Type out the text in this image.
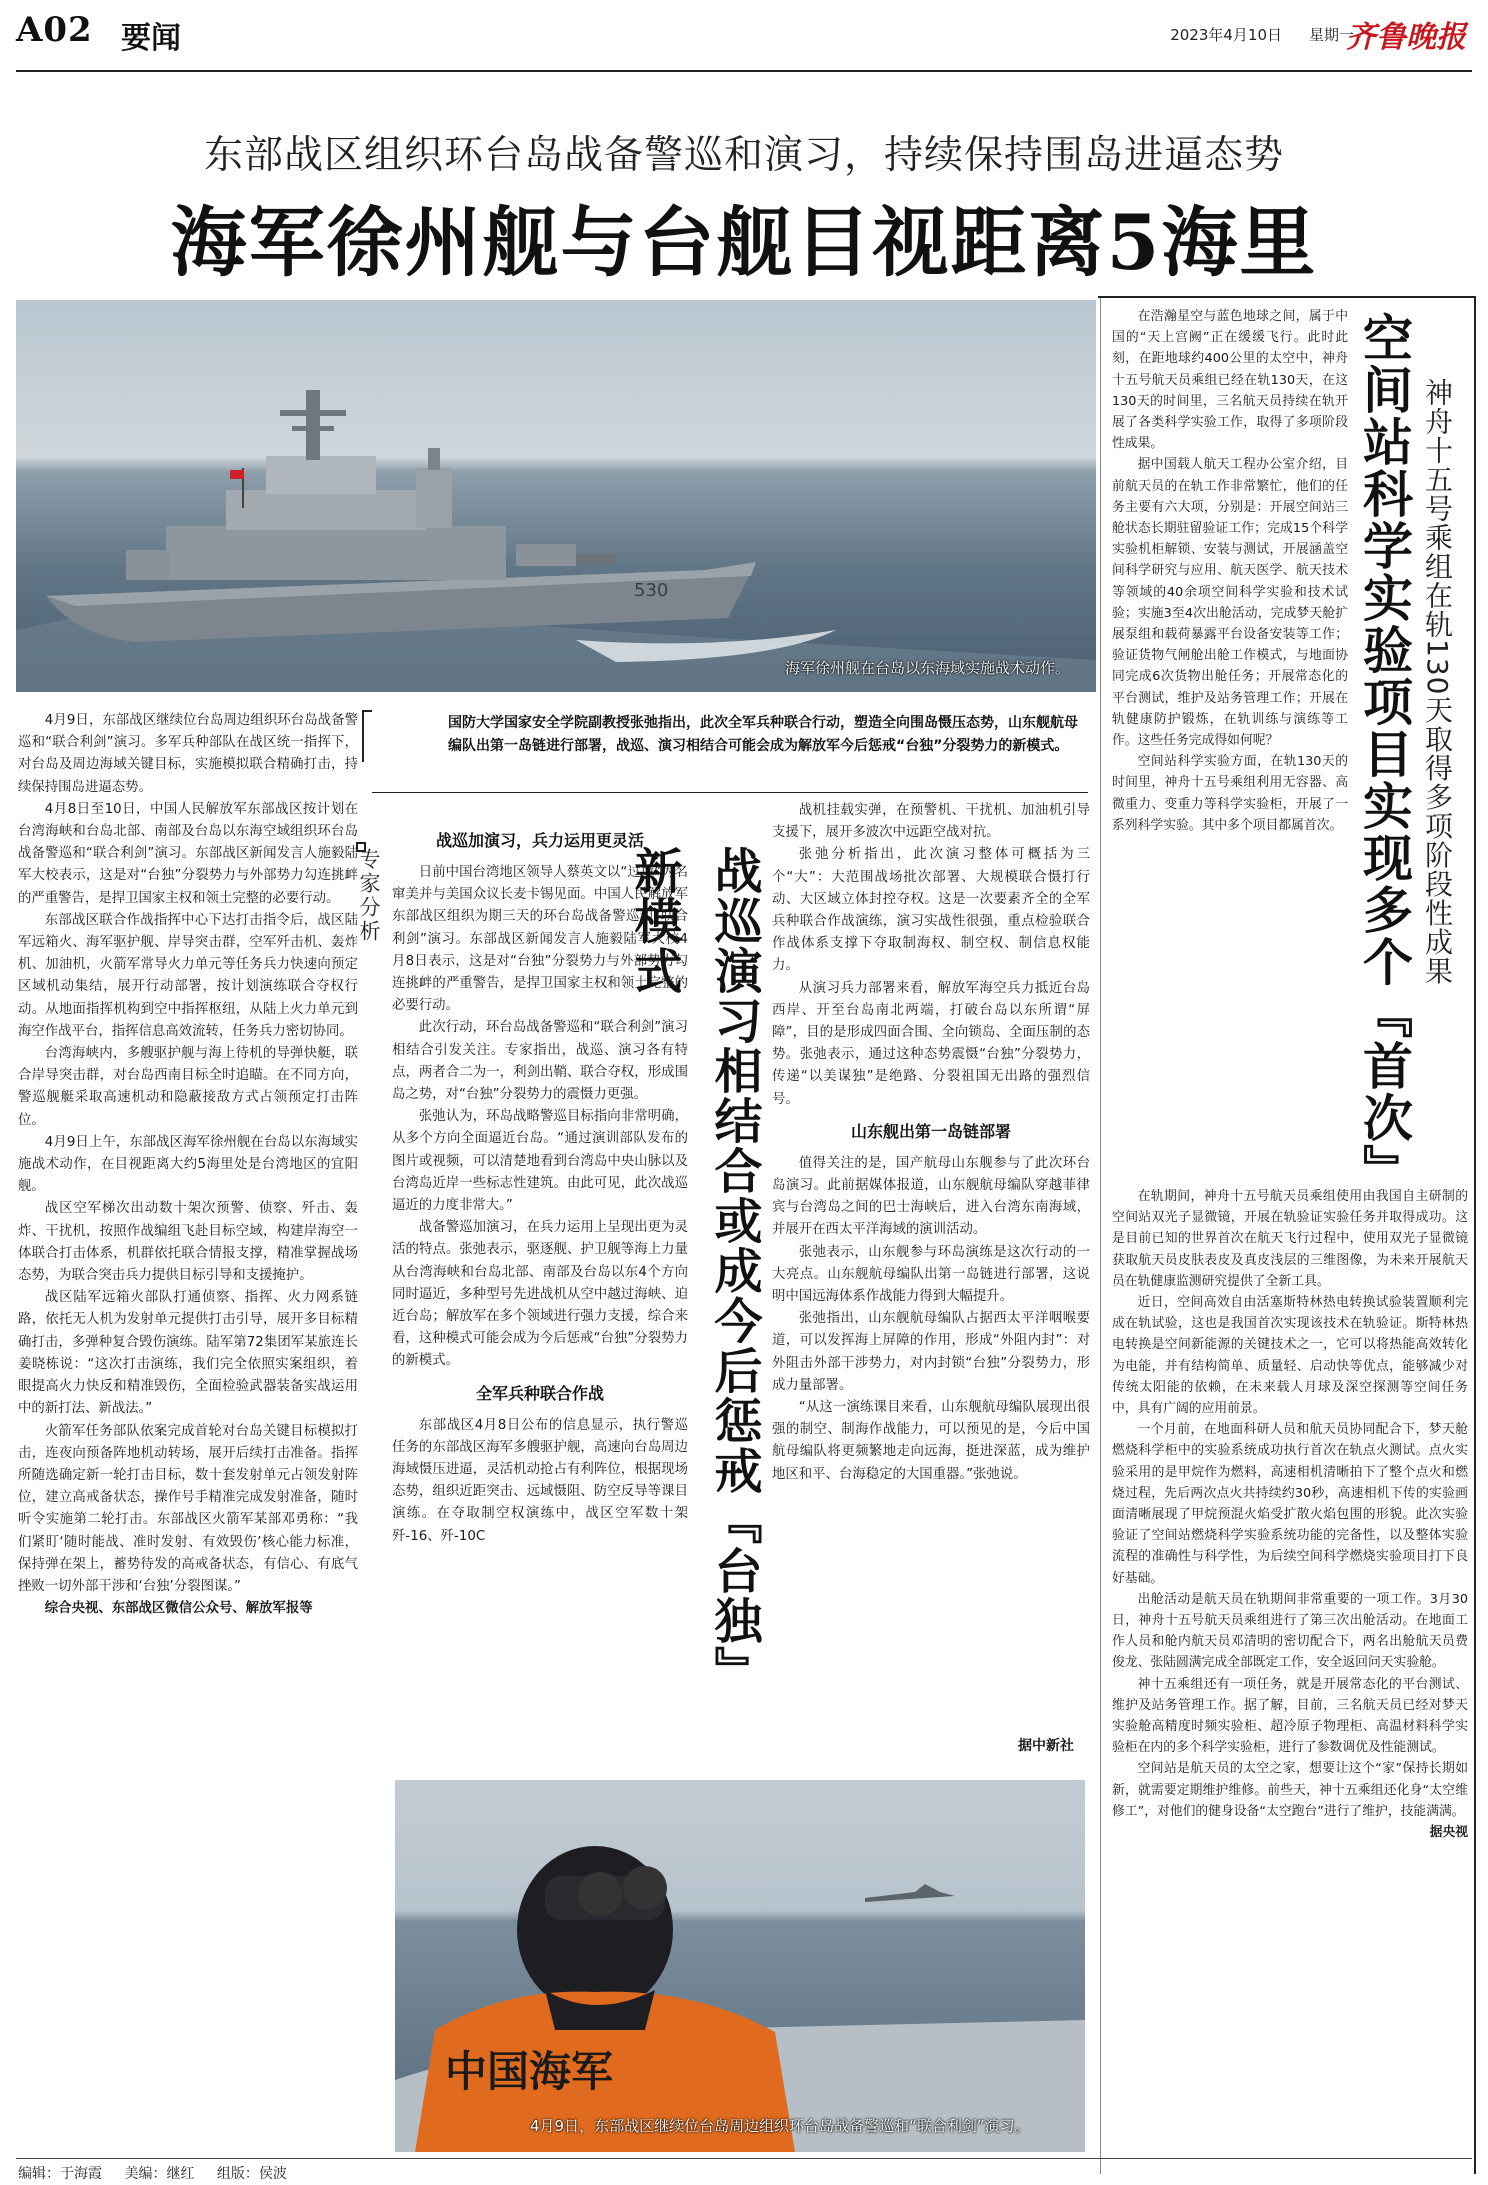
A02 要闻	2023年4月10日 星期一
齐鲁晚报
东部战区组织环台岛战备警巡和演习，持续保持围岛进逼态势
海军徐州舰与台舰目视距离5海里
530
海军徐州舰在台岛以东海域实施战术动作。

4月9日，东部战区继续位台岛周边组织环台岛战备警巡和“联合利剑”演习。多军兵种部队在战区统一指挥下，对台岛及周边海域关键目标，实施模拟联合精确打击，持续保持围岛进逼态势。

4月8日至10日，中国人民解放军东部战区按计划在台湾海峡和台岛北部、南部及台岛以东海空域组织环台岛战备警巡和“联合利剑”演习。东部战区新闻发言人施毅陆军大校表示，这是对“台独”分裂势力与外部势力勾连挑衅的严重警告，是捍卫国家主权和领土完整的必要行动。

东部战区联合作战指挥中心下达打击指令后，战区陆军远箱火、海军驱护舰、岸导突击群，空军歼击机、轰炸机、加油机，火箭军常导火力单元等任务兵力快速向预定区域机动集结，展开行动部署，按计划演练联合夺权行动。从地面指挥机构到空中指挥枢纽，从陆上火力单元到海空作战平台，指挥信息高效流转，任务兵力密切协同。

台湾海峡内，多艘驱护舰与海上待机的导弹快艇，联合岸导突击群，对台岛西南目标全时追瞄。在不同方向，警巡舰艇采取高速机动和隐蔽接敌方式占领预定打击阵位。

4月9日上午，东部战区海军徐州舰在台岛以东海域实施战术动作，在目视距离大约5海里处是台湾地区的宜阳舰。

战区空军梯次出动数十架次预警、侦察、歼击、轰炸、干扰机，按照作战编组飞赴目标空域，构建岸海空一体联合打击体系，机群依托联合情报支撑，精准掌握战场态势，为联合突击兵力提供目标引导和支援掩护。

战区陆军远箱火部队打通侦察、指挥、火力网系链路，依托无人机为发射单元提供打击引导，展开多目标精确打击，多弹种复合毁伤演练。陆军第72集团军某旅连长姜晓栋说：“这次打击演练，我们完全依照实案组织，着眼提高火力快反和精准毁伤，全面检验武器装备实战运用中的新打法、新战法。”

火箭军任务部队依案完成首轮对台岛关键目标模拟打击，连夜向预备阵地机动转场，展开后续打击准备。指挥所随选确定新一轮打击目标，数十套发射单元占领发射阵位，建立高戒备状态，操作号手精准完成发射准备，随时听令实施第二轮打击。东部战区火箭军某部邓勇称：“我们紧盯‘随时能战、准时发射、有效毁伤’核心能力标准，保持弹在架上，蓄势待发的高戒备状态，有信心、有底气挫败一切外部干涉和‘台独’分裂图谋。”

综合央视、东部战区微信公众号、解放军报等

国防大学国家安全学院副教授张弛指出，此次全军兵种联合行动，塑造全向围岛慑压态势，山东舰航母编队出第一岛链进行部署，战巡、演习相结合可能会成为解放军今后惩戒“台独”分裂势力的新模式。
专家分析

战巡加演习，兵力运用更灵活

日前中国台湾地区领导人蔡英文以“过境”为名窜美并与美国众议长麦卡锡见面。中国人民解放军东部战区组织为期三天的环台岛战备警巡和“联合利剑”演习。东部战区新闻发言人施毅陆军大校4月8日表示，这是对“台独”分裂势力与外部势力勾连挑衅的严重警告，是捍卫国家主权和领土完整的必要行动。

此次行动，环台岛战备警巡和“联合利剑”演习相结合引发关注。专家指出，战巡、演习各有特点，两者合二为一，利剑出鞘、联合夺权，形成围岛之势，对“台独”分裂势力的震慑力更强。

张弛认为，环岛战略警巡目标指向非常明确，从多个方向全面逼近台岛。“通过演训部队发布的图片或视频，可以清楚地看到台湾岛中央山脉以及台湾岛近岸一些标志性建筑。由此可见，此次战巡逼近的力度非常大。”

战备警巡加演习，在兵力运用上呈现出更为灵活的特点。张弛表示，驱逐舰、护卫舰等海上力量从台湾海峡和台岛北部、南部及台岛以东4个方向同时逼近，多种型号先进战机从空中越过海峡、迫近台岛；解放军在多个领域进行强力支援，综合来看，这种模式可能会成为今后惩戒“台独”分裂势力的新模式。

全军兵种联合作战

东部战区4月8日公布的信息显示，执行警巡任务的东部战区海军多艘驱护舰，高速向台岛周边海域慑压进逼，灵活机动抢占有利阵位，根据现场态势，组织近距突击、远域慑阻、防空反导等课目演练。在夺取制空权演练中，战区空军数十架歼-16、歼-10C	战巡演习相结合或成今后惩戒『台独』新模式

战机挂载实弹，在预警机、干扰机、加油机引导支援下，展开多波次中远距空战对抗。

张弛分析指出，此次演习整体可概括为三个“大”：大范围战场批次部署、大规模联合慑打行动、大区域立体封控夺权。这是一次要素齐全的全军兵种联合作战演练，演习实战性很强，重点检验联合作战体系支撑下夺取制海权、制空权、制信息权能力。

从演习兵力部署来看，解放军海空兵力抵近台岛西岸、开至台岛南北两端，打破台岛以东所谓“屏障”，目的是形成四面合围、全向锁岛、全面压制的态势。张弛表示，通过这种态势震慑“台独”分裂势力，传递“以美谋独”是绝路、分裂祖国无出路的强烈信号。

山东舰出第一岛链部署

值得关注的是，国产航母山东舰参与了此次环台岛演习。此前据媒体报道，山东舰航母编队穿越菲律宾与台湾岛之间的巴士海峡后，进入台湾东南海域，并展开在西太平洋海域的演训活动。

张弛表示，山东舰参与环岛演练是这次行动的一大亮点。山东舰航母编队出第一岛链进行部署，这说明中国远海体系作战能力得到大幅提升。

张弛指出，山东舰航母编队占据西太平洋咽喉要道，可以发挥海上屏障的作用，形成“外阻内封”：对外阻击外部干涉势力，对内封锁“台独”分裂势力，形成力量部署。

“从这一演练课目来看，山东舰航母编队展现出很强的制空、制海作战能力，可以预见的是，今后中国航母编队将更频繁地走向远海，挺进深蓝，成为维护地区和平、台海稳定的大国重器。”张弛说。

据中新社
中国海军
4月9日，东部战区继续位台岛周边组织环台岛战备警巡和“联合利剑”演习。
空间站科学实验项目实现多个『首次』 神舟十五号乘组在轨130天取得多项阶段性成果

在浩瀚星空与蓝色地球之间，属于中国的“天上宫阙”正在缓缓飞行。此时此刻，在距地球约400公里的太空中，神舟十五号航天员乘组已经在轨130天，在这130天的时间里，三名航天员持续在轨开展了各类科学实验工作，取得了多项阶段性成果。

据中国载人航天工程办公室介绍，目前航天员的在轨工作非常繁忙，他们的任务主要有六大项，分别是：开展空间站三舱状态长期驻留验证工作；完成15个科学实验机柜解锁、安装与测试，开展涵盖空间科学研究与应用、航天医学、航天技术等领域的40余项空间科学实验和技术试验；实施3至4次出舱活动，完成梦天舱扩展泵组和载荷暴露平台设备安装等工作；验证货物气闸舱出舱工作模式，与地面协同完成6次货物出舱任务；开展常态化的平台测试，维护及站务管理工作；开展在轨健康防护锻炼，在轨训练与演练等工作。这些任务完成得如何呢？

空间站科学实验方面，在轨130天的时间里，神舟十五号乘组利用无容器、高微重力、变重力等科学实验柜，开展了一系列科学实验。其中多个项目都属首次。

在轨期间，神舟十五号航天员乘组使用由我国自主研制的空间站双光子显微镜，开展在轨验证实验任务并取得成功。这是目前已知的世界首次在航天飞行过程中，使用双光子显微镜获取航天员皮肤表皮及真皮浅层的三维图像，为未来开展航天员在轨健康监测研究提供了全新工具。

近日，空间高效自由活塞斯特林热电转换试验装置顺利完成在轨试验，这也是我国首次实现该技术在轨验证。斯特林热电转换是空间新能源的关键技术之一，它可以将热能高效转化为电能，并有结构简单、质量轻、启动快等优点，能够减少对传统太阳能的依赖，在未来载人月球及深空探测等空间任务中，具有广阔的应用前景。

一个月前，在地面科研人员和航天员协同配合下，梦天舱燃烧科学柜中的实验系统成功执行首次在轨点火测试。点火实验采用的是甲烷作为燃料，高速相机清晰拍下了整个点火和燃烧过程，先后两次点火共持续约30秒，高速相机下传的实验画面清晰展现了甲烷预混火焰受扩散火焰包围的形貌。此次实验验证了空间站燃烧科学实验系统功能的完备性，以及整体实验流程的准确性与科学性，为后续空间科学燃烧实验项目打下良好基础。

出舱活动是航天员在轨期间非常重要的一项工作。3月30日，神舟十五号航天员乘组进行了第三次出舱活动。在地面工作人员和舱内航天员邓清明的密切配合下，两名出舱航天员费俊龙、张陆圆满完成全部既定工作，安全返回问天实验舱。

神十五乘组还有一项任务，就是开展常态化的平台测试、维护及站务管理工作。据了解，目前，三名航天员已经对梦天实验舱高精度时频实验柜、超冷原子物理柜、高温材料科学实验柜在内的多个科学实验柜，进行了参数调优及性能测试。

空间站是航天员的太空之家，想要让这个“家”保持长期如新，就需要定期维护维修。前些天，神十五乘组还化身“太空维修工”，对他们的健身设备“太空跑台”进行了维护，技能满满。

据央视

编辑：于海霞 美编：继红 组版：侯波
